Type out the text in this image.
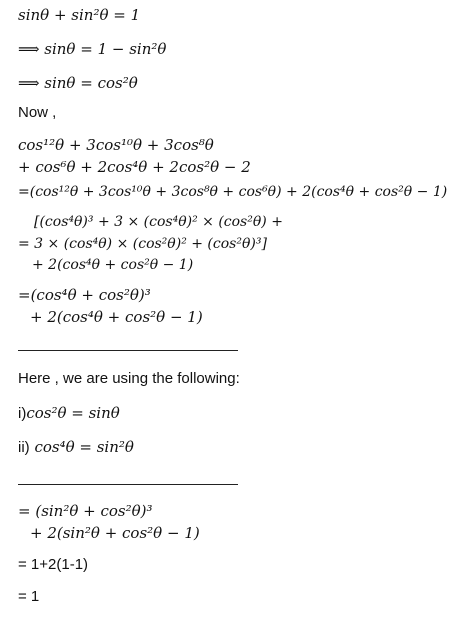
sinθ + sin²θ = 1
⟹ sinθ = 1 − sin²θ
⟹ sinθ = cos²θ
Now ,
cos¹²θ + 3cos¹⁰θ + 3cos⁸θ
+ cos⁶θ + 2cos⁴θ + 2cos²θ − 2
=(cos¹²θ + 3cos¹⁰θ + 3cos⁸θ + cos⁶θ) + 2(cos⁴θ + cos²θ − 1)
[(cos⁴θ)³ + 3 × (cos⁴θ)² × (cos²θ) +
= 3 × (cos⁴θ) × (cos²θ)² + (cos²θ)³]
+ 2(cos⁴θ + cos²θ − 1)
=(cos⁴θ + cos²θ)³
+ 2(cos⁴θ + cos²θ − 1)
Here , we are using the following:
i)cos²θ = sinθ
ii) cos⁴θ = sin²θ
= (sin²θ + cos²θ)³
+ 2(sin²θ + cos²θ − 1)
= 1+2(1-1)
= 1
